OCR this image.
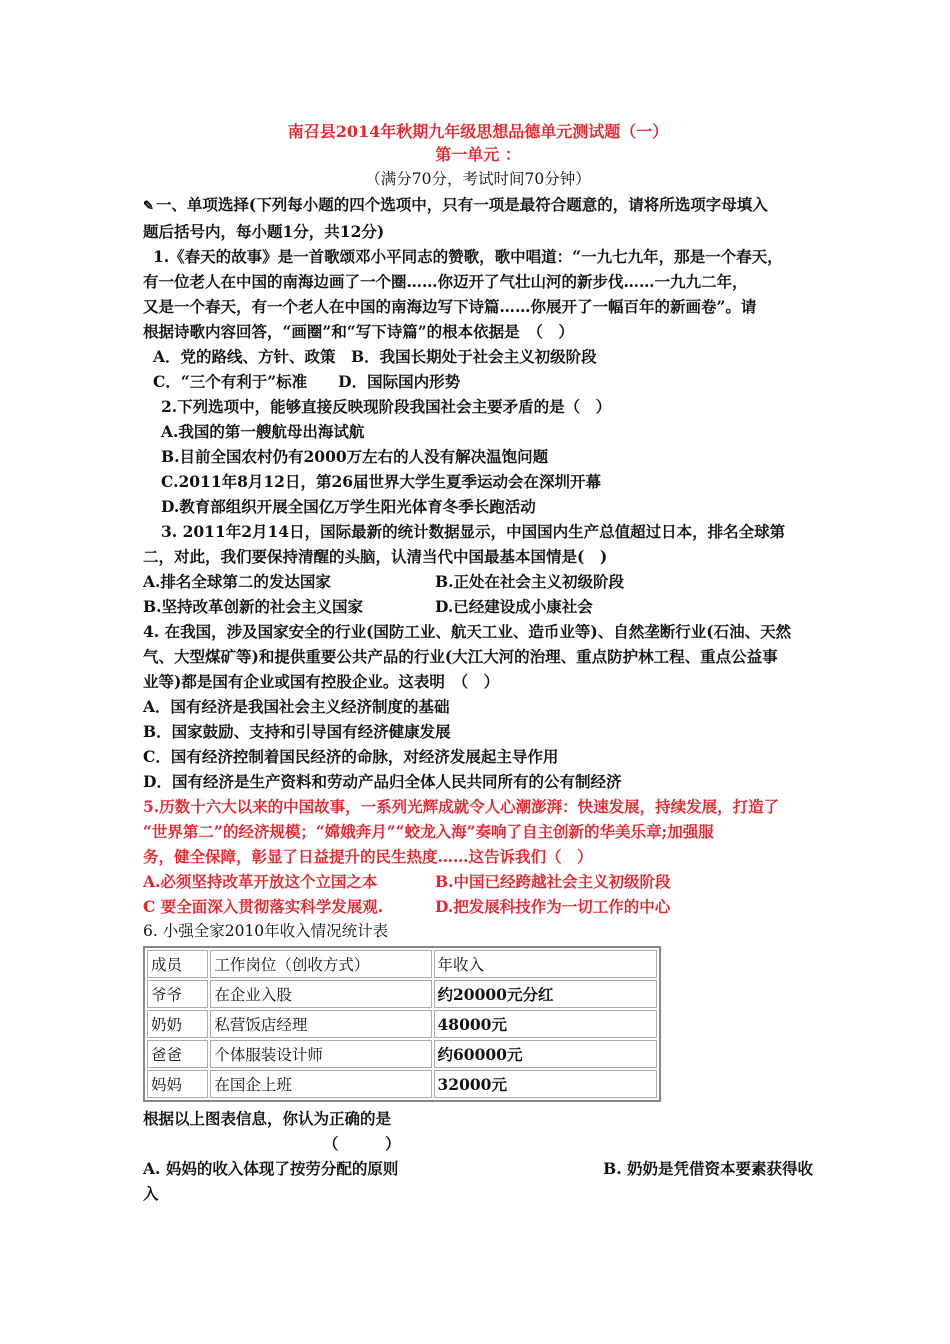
南召县2014年秋期九年级思想品德单元测试题（一）
第一单元 ：
（满分70分，考试时间70分钟）
✎ 一、单项选择(下列每小题的四个选项中，只有一项是最符合题意的，请将所选项字母填入
题后括号内，每小题1分，共12分)
1.《春天的故事》是一首歌颂邓小平同志的赞歌，歌中唱道：“一九七九年，那是一个春天，
有一位老人在中国的南海边画了一个圈……你迈开了气壮山河的新步伐……一九九二年，
又是一个春天，有一个老人在中国的南海边写下诗篇……你展开了一幅百年的新画卷”。请
根据诗歌内容回答，“画圈”和“写下诗篇”的根本依据是　（　）
A．党的路线、方针、政策　B．我国长期处于社会主义初级阶段
C．“三个有利于”标准　　D．国际国内形势
2.下列选项中，能够直接反映现阶段我国社会主要矛盾的是（　）
A.我国的第一艘航母出海试航
B.目前全国农村仍有2000万左右的人没有解决温饱问题
C.2011年8月12日，第26届世界大学生夏季运动会在深圳开幕
D.教育部组织开展全国亿万学生阳光体育冬季长跑活动
3. 2011年2月14日，国际最新的统计数据显示，中国国内生产总值超过日本，排名全球第
二，对此，我们要保持清醒的头脑，认清当代中国最基本国情是(　)
A.排名全球第二的发达国家	B.正处在社会主义初级阶段
B.坚持改革创新的社会主义国家	D.已经建设成小康社会
4. 在我国，涉及国家安全的行业(国防工业、航天工业、造币业等)、自然垄断行业(石油、天然
气、大型煤矿等)和提供重要公共产品的行业(大江大河的治理、重点防护林工程、重点公益事
业等)都是国有企业或国有控股企业。这表明　（　）
A．国有经济是我国社会主义经济制度的基础
B．国家鼓励、支持和引导国有经济健康发展
C．国有经济控制着国民经济的命脉，对经济发展起主导作用
D．国有经济是生产资料和劳动产品归全体人民共同所有的公有制经济
5.历数十六大以来的中国故事，一系列光辉成就令人心潮澎湃：快速发展，持续发展，打造了
“世界第二”的经济规模；“嫦娥奔月”“蛟龙入海”奏响了自主创新的华美乐章;加强服
务，健全保障，彰显了日益提升的民生热度……这告诉我们（　）
A.必须坚持改革开放这个立国之本	B.中国已经跨越社会主义初级阶段
C 要全面深入贯彻落实科学发展观.	D.把发展科技作为一切工作的中心
6. 小强全家2010年收入情况统计表
成员	工作岗位（创收方式）	年收入
爷爷	在企业入股	约20000元分红
奶奶	私营饭店经理	48000元
爸爸	个体服装设计师	约60000元
妈妈	在国企上班	32000元
根据以上图表信息，你认为正确的是
（　　　）
A. 妈妈的收入体现了按劳分配的原则	B. 奶奶是凭借资本要素获得收
入
